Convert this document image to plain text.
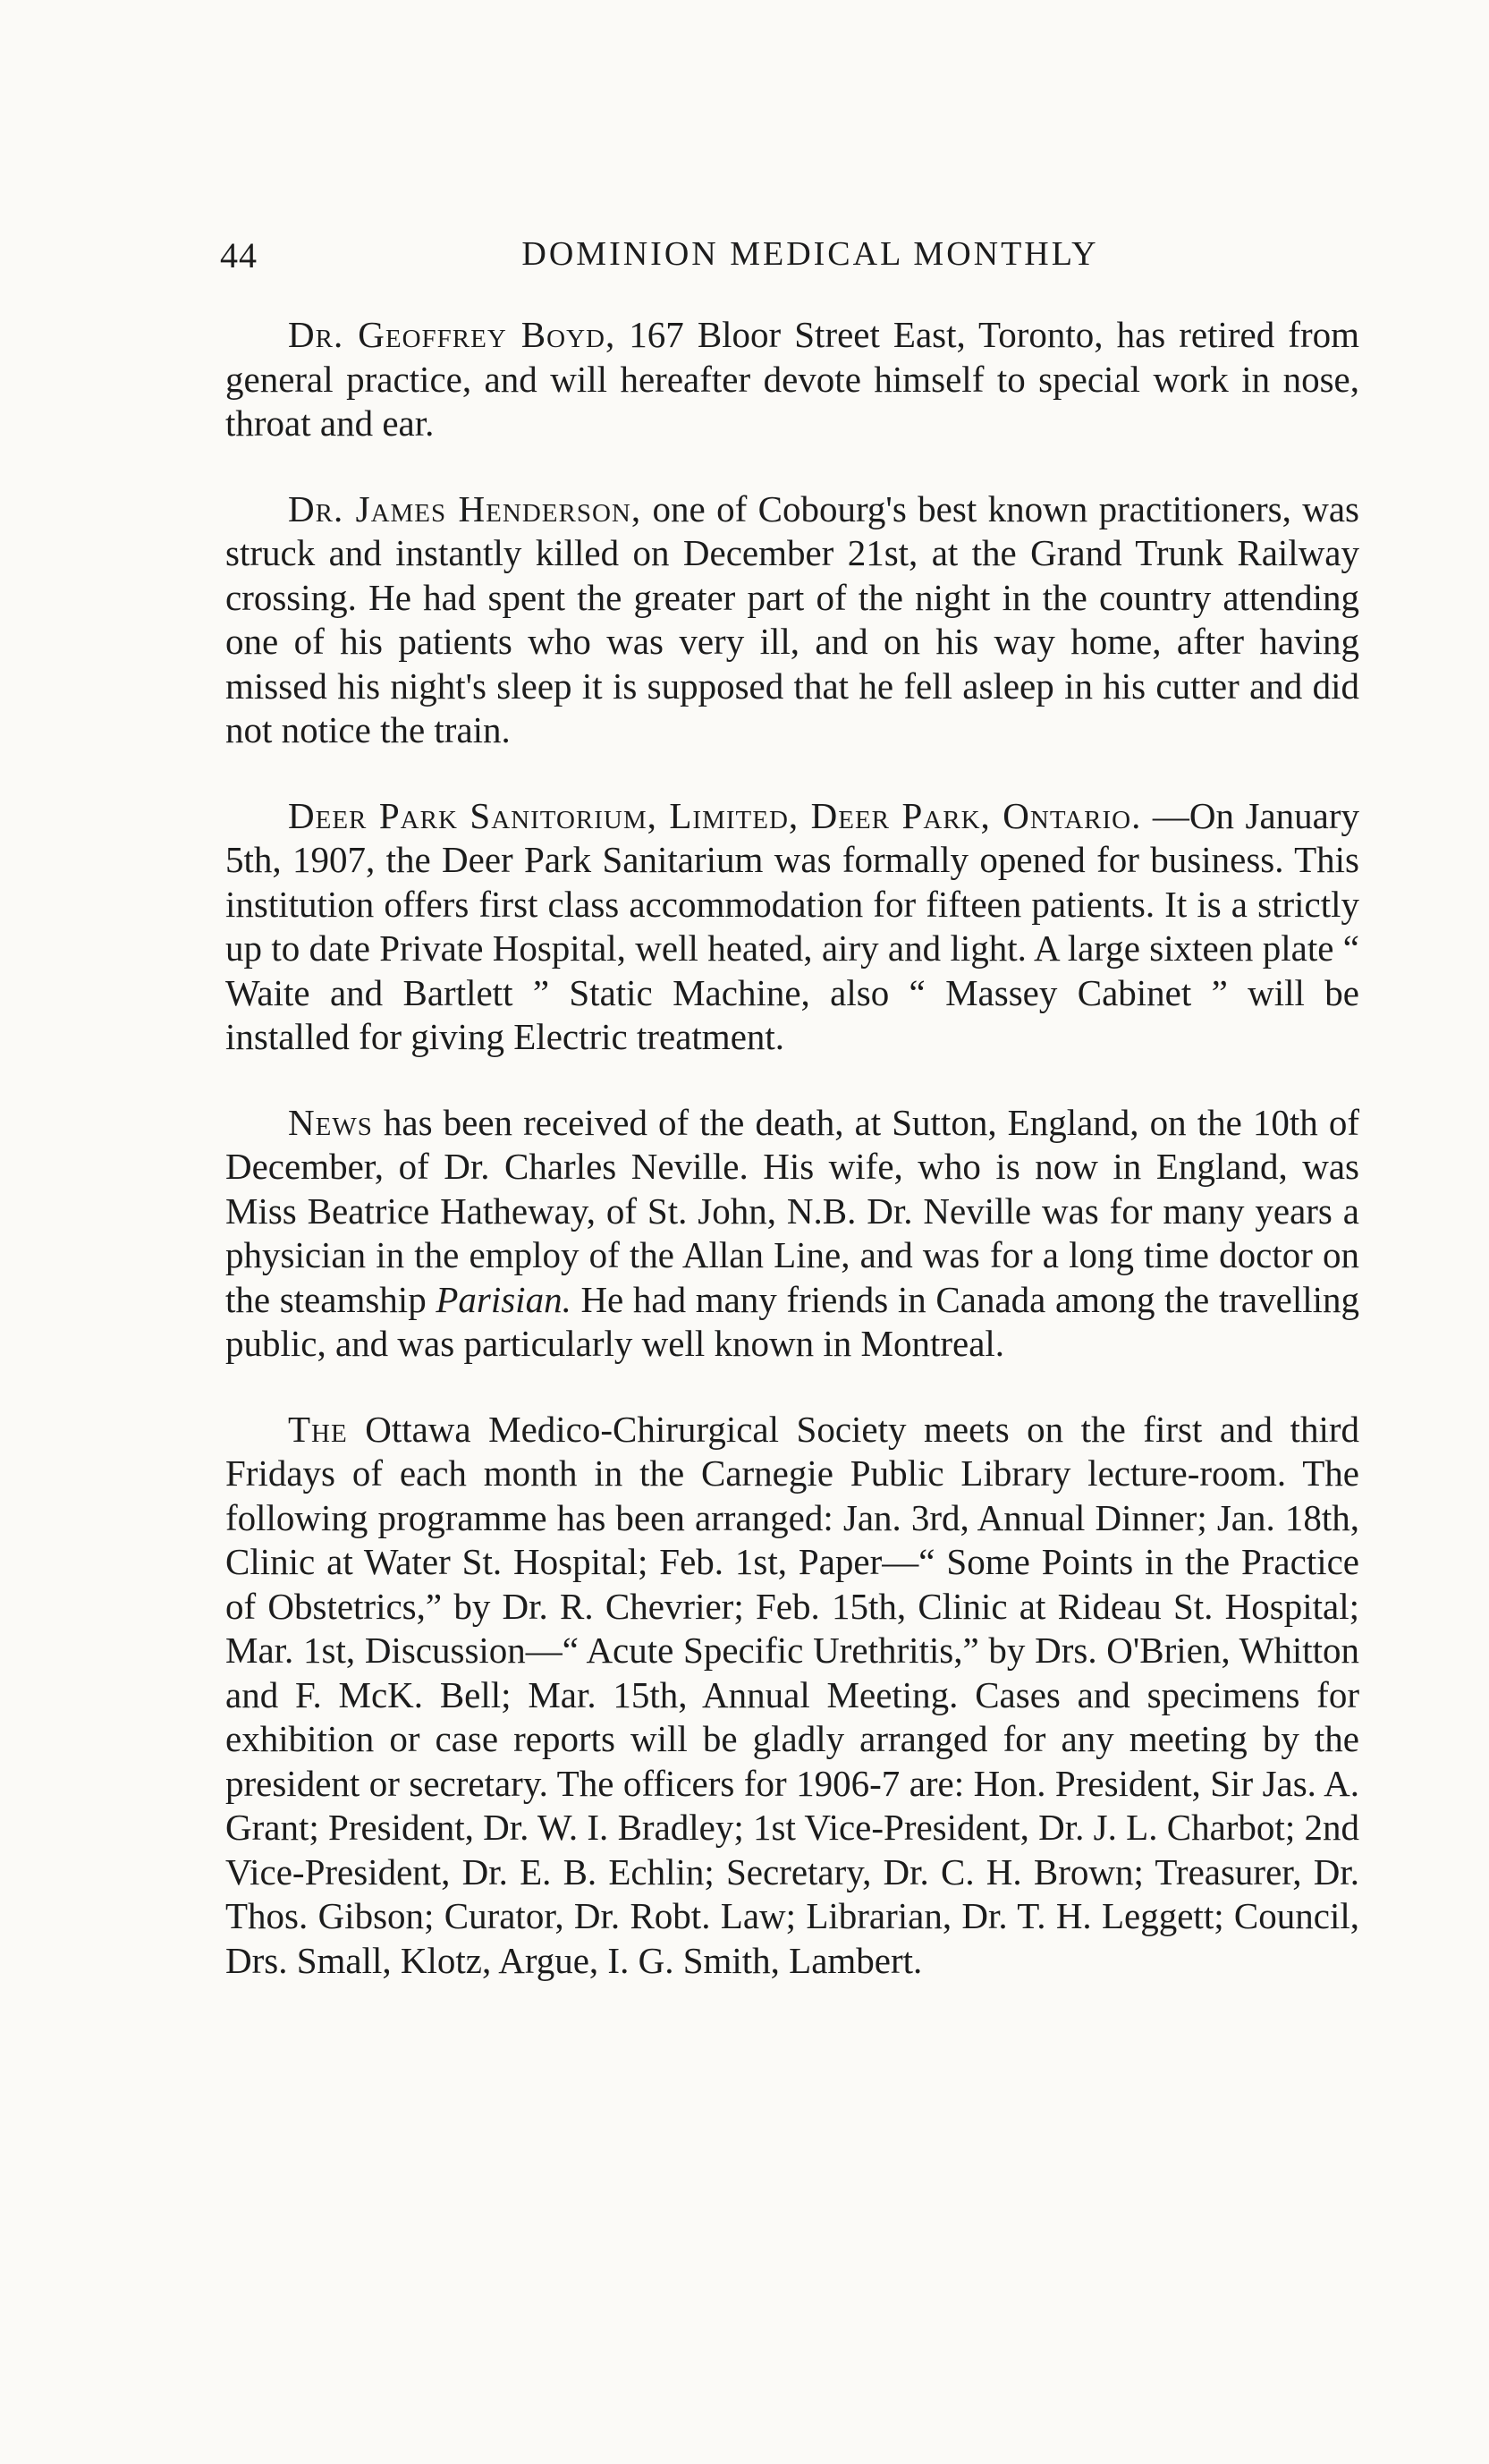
44	DOMINION MEDICAL MONTHLY

Dr. Geoffrey Boyd, 167 Bloor Street East, Toronto, has retired from general practice, and will hereafter devote himself to special work in nose, throat and ear.

Dr. James Henderson, one of Cobourg's best known practitioners, was struck and instantly killed on December 21st, at the Grand Trunk Railway crossing. He had spent the greater part of the night in the country attending one of his patients who was very ill, and on his way home, after having missed his night's sleep it is supposed that he fell asleep in his cutter and did not notice the train.

Deer Park Sanitorium, Limited, Deer Park, Ontario. —On January 5th, 1907, the Deer Park Sanitarium was formally opened for business. This institution offers first class accommodation for fifteen patients. It is a strictly up to date Private Hospital, well heated, airy and light. A large sixteen plate “ Waite and Bartlett ” Static Machine, also “ Massey Cabinet ” will be installed for giving Electric treatment.

News has been received of the death, at Sutton, England, on the 10th of December, of Dr. Charles Neville. His wife, who is now in England, was Miss Beatrice Hatheway, of St. John, N.B. Dr. Neville was for many years a physician in the employ of the Allan Line, and was for a long time doctor on the steamship Parisian. He had many friends in Canada among the travelling public, and was particularly well known in Montreal.

The Ottawa Medico-Chirurgical Society meets on the first and third Fridays of each month in the Carnegie Public Library lecture-room. The following programme has been arranged: Jan. 3rd, Annual Dinner; Jan. 18th, Clinic at Water St. Hospital; Feb. 1st, Paper—“ Some Points in the Practice of Obstetrics,” by Dr. R. Chevrier; Feb. 15th, Clinic at Rideau St. Hospital; Mar. 1st, Discussion—“ Acute Specific Urethritis,” by Drs. O'Brien, Whitton and F. McK. Bell; Mar. 15th, Annual Meeting. Cases and specimens for exhibition or case reports will be gladly arranged for any meeting by the president or secretary. The officers for 1906-7 are: Hon. President, Sir Jas. A. Grant; President, Dr. W. I. Bradley; 1st Vice-President, Dr. J. L. Charbot; 2nd Vice-President, Dr. E. B. Echlin; Secretary, Dr. C. H. Brown; Treasurer, Dr. Thos. Gibson; Curator, Dr. Robt. Law; Librarian, Dr. T. H. Leggett; Council, Drs. Small, Klotz, Argue, I. G. Smith, Lambert.
